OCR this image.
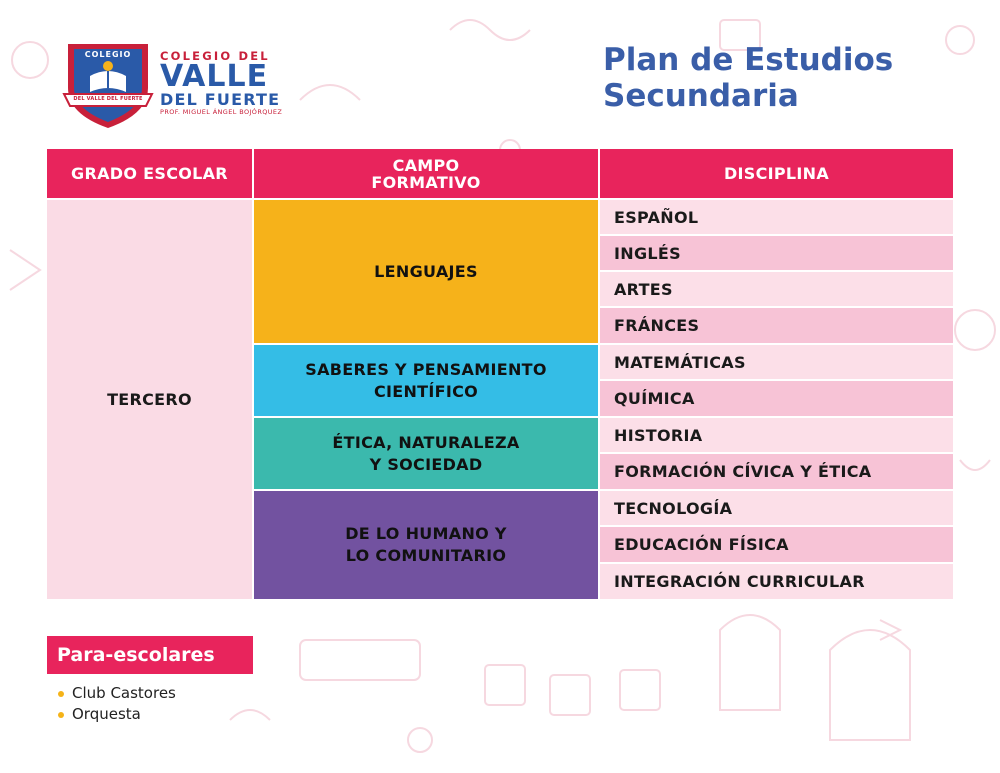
COLEGIO
DEL VALLE DEL FUERTE
COLEGIO DEL
VALLE
DEL FUERTE
PROF. MIGUEL ÁNGEL BOJÓRQUEZ
Plan de Estudios
Secundaria
GRADO ESCOLAR	CAMPO
FORMATIVO	DISCIPLINA
TERCERO
LENGUAJES
SABERES Y PENSAMIENTO
CIENTÍFICO
ÉTICA, NATURALEZA
Y SOCIEDAD
DE LO HUMANO Y
LO COMUNITARIO
ESPAÑOL
INGLÉS
ARTES
FRÁNCES
MATEMÁTICAS
QUÍMICA
HISTORIA
FORMACIÓN CÍVICA Y ÉTICA
TECNOLOGÍA
EDUCACIÓN FÍSICA
INTEGRACIÓN CURRICULAR
Para-escolares
Club Castores
Orquesta
